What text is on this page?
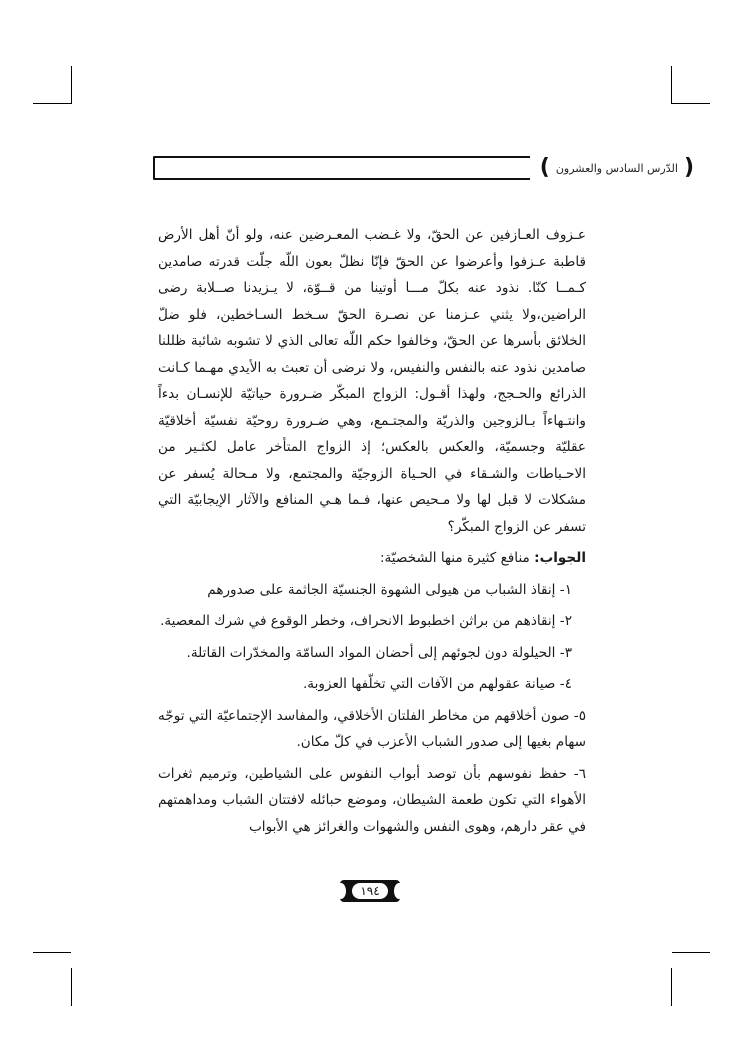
(
الدّرس السادس والعشرون
)

عـزوف العـازفين عن الحقّ، ولا غـضب المعـرضين عنه، ولو أنّ أهل الأرض قاطبة عـزفوا وأعرضوا عن الحقّ فإنّا نظلّ بعون اللّه جلّت قدرته صامدين كـمــا كنّا. نذود عنه بكلّ مـــا أوتينا من قــوّة، لا يـزيدنا صــلابة رضى الراضين،ولا يثني عـزمنا عن نصـرة الحقّ سـخط السـاخطين، فلو ضلّ الخلائق بأسرها عن الحقّ، وخالفوا حكم اللّه تعالى الذي لا تشوبه شائبة ظللنا صامدين نذود عنه بالنفس والنفيس، ولا نرضى أن تعبث به الأيدي مهـما كـانت الذرائع والحـجج، ولهذا أقـول: الزواج المبكّر ضـرورة حياتيّة للإنسـان بدءاً وانتـهاءاً بـالزوجين والذريّة والمجتـمع، وهي ضـرورة روحيّة نفسيّة أخلاقيّة عقليّة وجسميّة، والعكس بالعكس؛ إذ الزواج المتأخر عامل لكثـير من الاحـباطات والشـقاء في الحـياة الزوجيّة والمجتمع، ولا مـحالة يُسفر عن مشكلات لا قبل لها ولا مـحيص عنها، فـما هـي المنافع والآثار الإيجابيّة التي تسفر عن الزواج المبكّر؟

الجواب: منافع كثيرة منها الشخصيّة:

١- إنقاذ الشباب من هيولى الشهوة الجنسيّة الجاثمة على صدورهم

٢- إنقاذهم من براثن اخطبوط الانحراف، وخطر الوقوع في شرك المعصية.

٣- الحيلولة دون لجوئهم إلى أحضان المواد السامّة والمخدّرات القاتلة.

٤- صيانة عقولهم من الآفات التي تخلّفها العزوبة.

٥- صون أخلاقهم من مخاطر الفلتان الأخلاقي، والمفاسد الإجتماعيّة التي توجّه سهام بغيها إلى صدور الشباب الأعزب في كلّ مكان.

٦- حفظ نفوسهم بأن توصد أبواب النفوس على الشياطين، وترميم ثغرات الأهواء التي تكون طعمة الشيطان، وموضع حبائله لافتتان الشباب ومداهمتهم في عقر دارهم، وهوى النفس والشهوات والغرائز هي الأبواب

١٩٤
